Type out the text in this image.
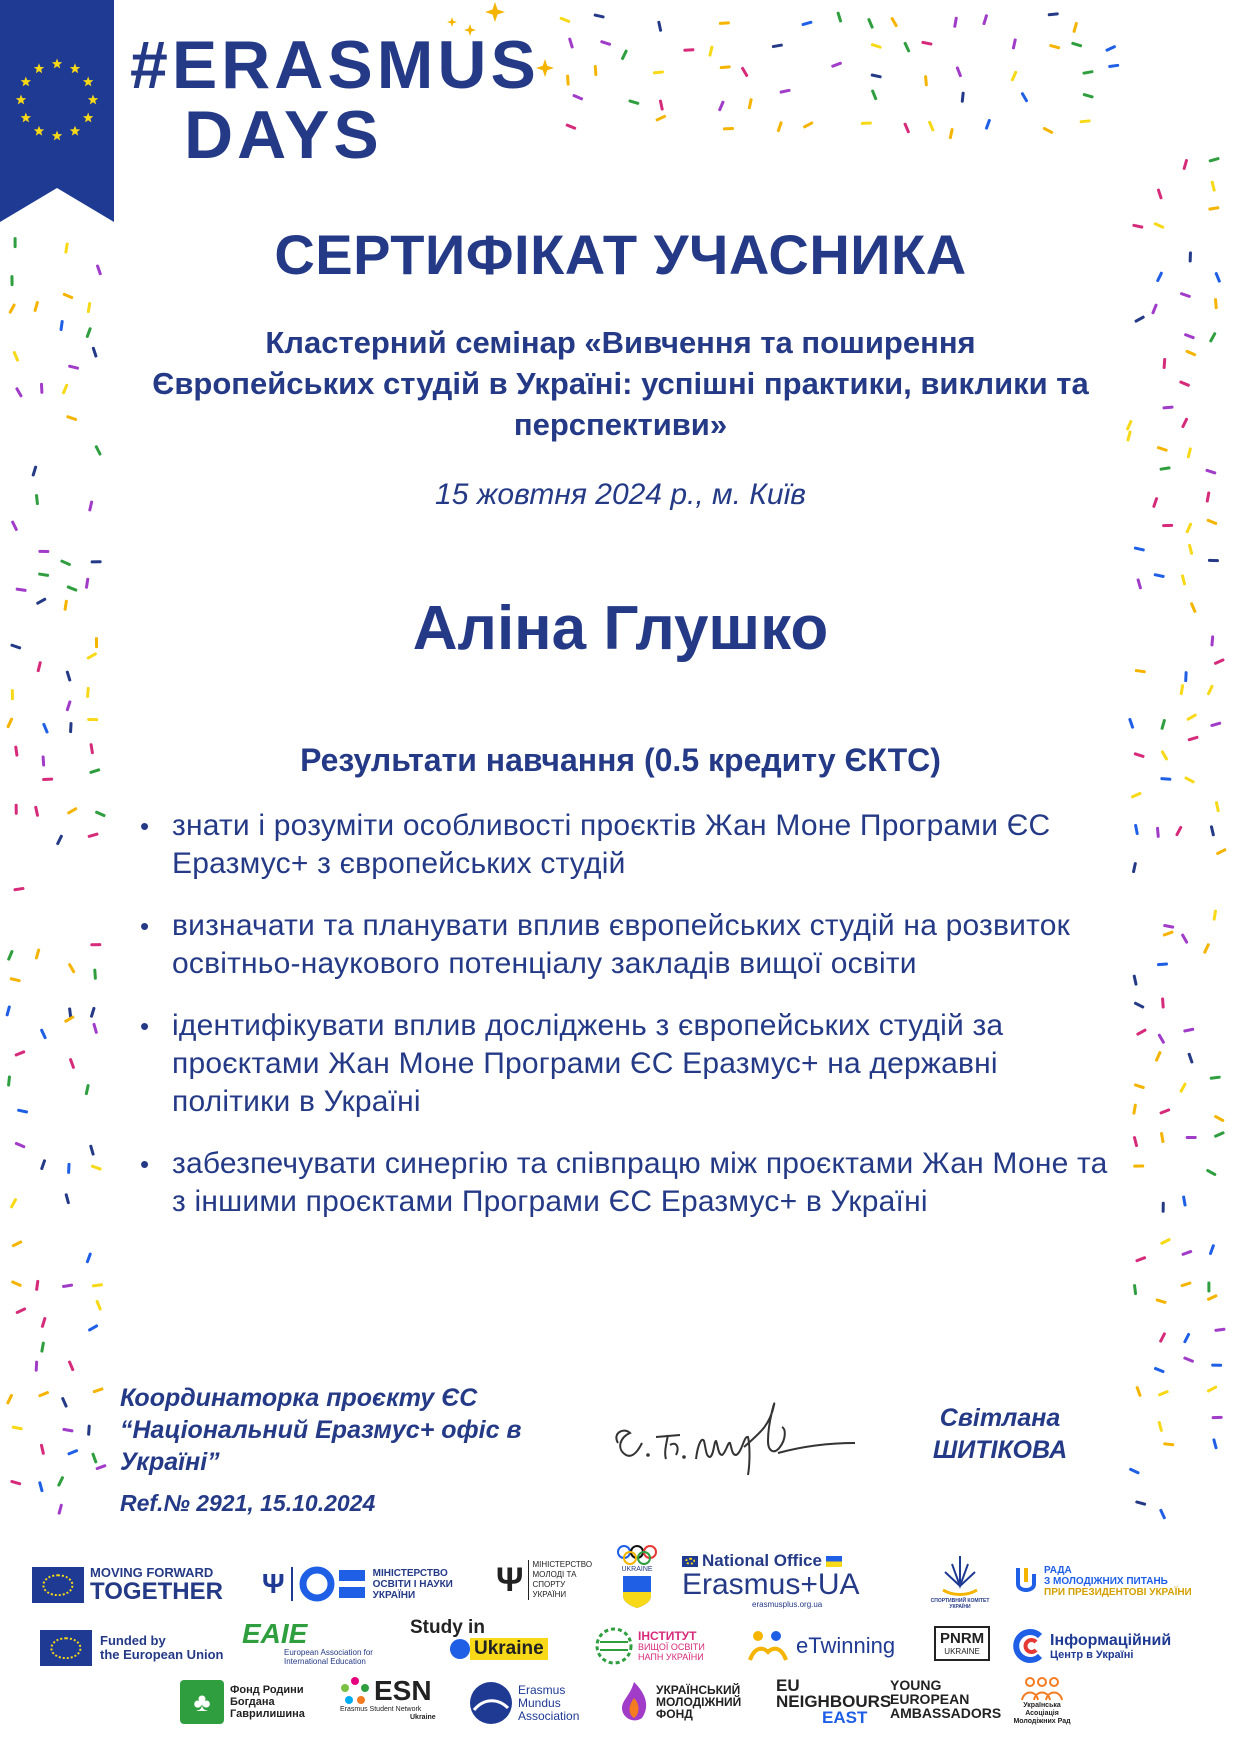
#ERASMUS
DAYS
СЕРТИФІКАТ УЧАСНИКА
Кластерний семінар «Вивчення та поширення Європейських студій в Україні: успішні практики, виклики та перспективи»
15 жовтня 2024 р., м. Київ
Аліна Глушко
Результати навчання (0.5 кредиту ЄКТС)
• знати і розуміти особливості проєктів Жан Моне Програми ЄС Еразмус+ з європейських студій
• визначати та планувати вплив європейських студій на розвиток освітньо-наукового потенціалу закладів вищої освіти
• ідентифікувати вплив досліджень з європейських студій за проєктами Жан Моне Програми ЄС Еразмус+ на державні політики в Україні
• забезпечувати синергію та співпрацю між проєктами Жан Моне та з іншими проєктами Програми ЄС Еразмус+ в Україні
Координаторка проєкту ЄС “Національний Еразмус+ офіс в Україні”
Ref.№ 2921, 15.10.2024
Світлана
ШИТІКОВА
MOVING FORWARD
TOGETHER Ψ	МІНІСТЕРСТВО ОСВІТИ І НАУКИ УКРАЇНИ	Ψ МІНІСТЕРСТВО МОЛОДІ ТА СПОРТУ УКРАЇНИ
UKRAINE	National Office
Erasmus+UA
erasmusplus.org.ua	СПОРТИВНИЙ КОМІТЕТ УКРАЇНИ
РАДА
З МОЛОДІЖНИХ ПИТАНЬ
ПРИ ПРЕЗИДЕНТОВІ УКРАЇНИ
Funded by
the European Union
EAIE
European Association for International Education
Study in
Ukraine
ІНСТИТУТ
ВИЩОЇ ОСВІТИ
НАПН УКРАЇНИ	eTwinning	PNRM
UKRAINE
Інформаційний
Центр в Україні
♣	Фонд Родини Богдана Гаврилишина
ESN
Erasmus Student Network
Ukraine
Erasmus Mundus Association
УКРАЇНСЬКИЙ МОЛОДІЖНИЙ ФОНД
EU
NEIGHBOURS
EAST
YOUNG
EUROPEAN
AMBASSADORS	Українська Асоціація Молодіжних Рад
